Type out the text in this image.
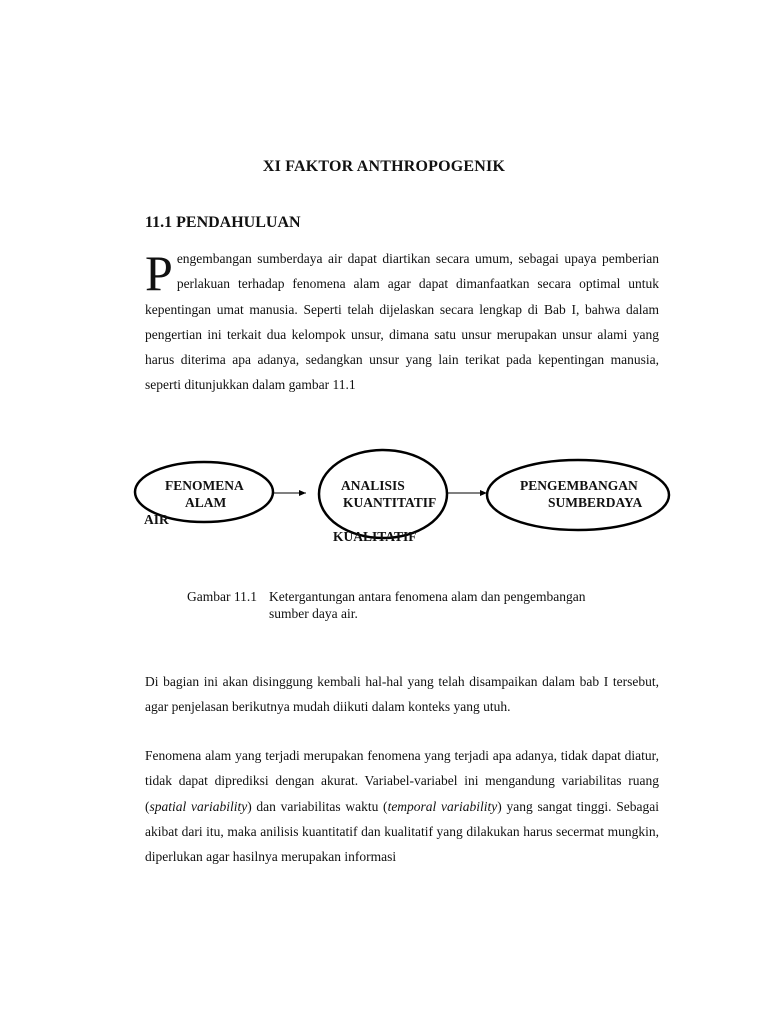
XI FAKTOR ANTHROPOGENIK
11.1 PENDAHULUAN
Pengembangan sumberdaya air dapat diartikan secara umum, sebagai upaya pemberian perlakuan terhadap fenomena alam agar dapat dimanfaatkan secara optimal untuk kepentingan umat manusia. Seperti telah dijelaskan secara lengkap di Bab I, bahwa dalam pengertian ini terkait dua kelompok unsur, dimana satu unsur merupakan unsur alami yang harus diterima apa adanya, sedangkan unsur yang lain terikat pada kepentingan manusia, seperti ditunjukkan dalam gambar 11.1
FENOMENA
ALAM
ANALISIS
KUANTITATIF
KUALITATIF
PENGEMBANGAN
SUMBERDAYA
AIR
Gambar 11.1 Ketergantungan antara fenomena alam dan pengembangan
sumber daya air.
Di bagian ini akan disinggung kembali hal-hal yang telah disampaikan dalam bab I tersebut, agar penjelasan berikutnya mudah diikuti dalam konteks yang utuh.
Fenomena alam yang terjadi merupakan fenomena yang terjadi apa adanya, tidak dapat diatur, tidak dapat diprediksi dengan akurat. Variabel-variabel ini mengandung variabilitas ruang (spatial variability) dan variabilitas waktu (temporal variability) yang sangat tinggi. Sebagai akibat dari itu, maka anilisis kuantitatif dan kualitatif yang dilakukan harus secermat mungkin, diperlukan agar hasilnya merupakan informasi
